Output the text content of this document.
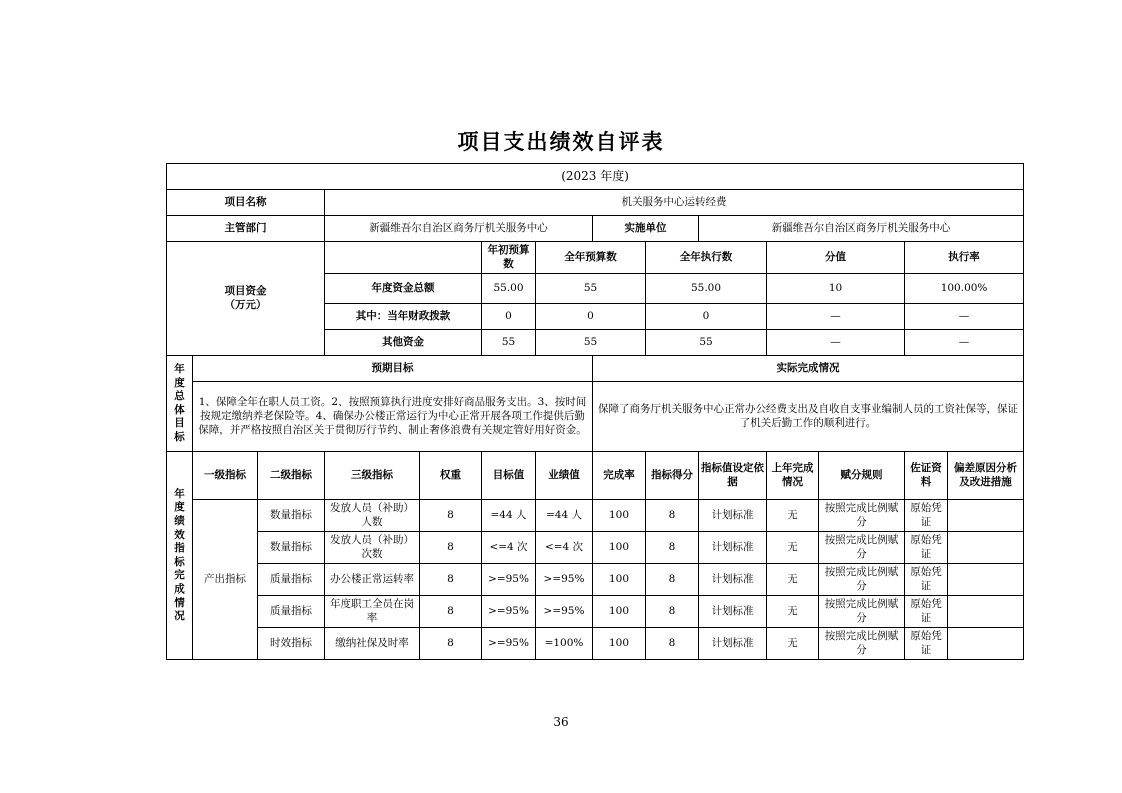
项目支出绩效自评表
(2023 年度)														
项目名称			机关服务中心运转经费											
主管部门			新疆维吾尔自治区商务厅机关服务中心				实施单位		新疆维吾尔自治区商务厅机关服务中心					
项目资金（万元）					年初预算数	全年预算数		全年执行数		分值		执行率	
			年度资金总额		55.00	55		55.00		10		100.00%	
			其中：当年财政拨款		0	0		0		—		—	
			其他资金		55	55		55		—		—	

年度总体目标	预期目标						实际完成情况							
	1、保障全年在职人员工资。2、按照预算执行进度安排好商品服务支出。3、按时间按规定缴纳养老保险等。4、确保办公楼正常运行为中心正常开展各项工作提供后勤保障，并严格按照自治区关于贯彻厉行节约、制止奢侈浪费有关规定管好用好资金。						保障了商务厅机关服务中心正常办公经费支出及自收自支事业编制人员的工资社保等，保证了机关后勤工作的顺利进行。							

年度绩效指标完成情况	一级指标	二级指标	三级指标	权重	目标值	业绩值	完成率	指标得分	指标值设定依据	上年完成情况	赋分规则	佐证资料	偏差原因分析及改进措施	
	产出指标	数量指标	发放人员（补助）人数	8	=44 人	=44 人	100	8	计划标准	无	按照完成比例赋分	原始凭证		
		数量指标	发放人员（补助）次数	8	<=4 次	<=4 次	100	8	计划标准	无	按照完成比例赋分	原始凭证		
		质量指标	办公楼正常运转率	8	>=95%	>=95%	100	8	计划标准	无	按照完成比例赋分	原始凭证		
		质量指标	年度职工全员在岗率	8	>=95%	>=95%	100	8	计划标准	无	按照完成比例赋分	原始凭证		
		时效指标	缴纳社保及时率	8	>=95%	=100%	100	8	计划标准	无	按照完成比例赋分	原始凭证		
36
